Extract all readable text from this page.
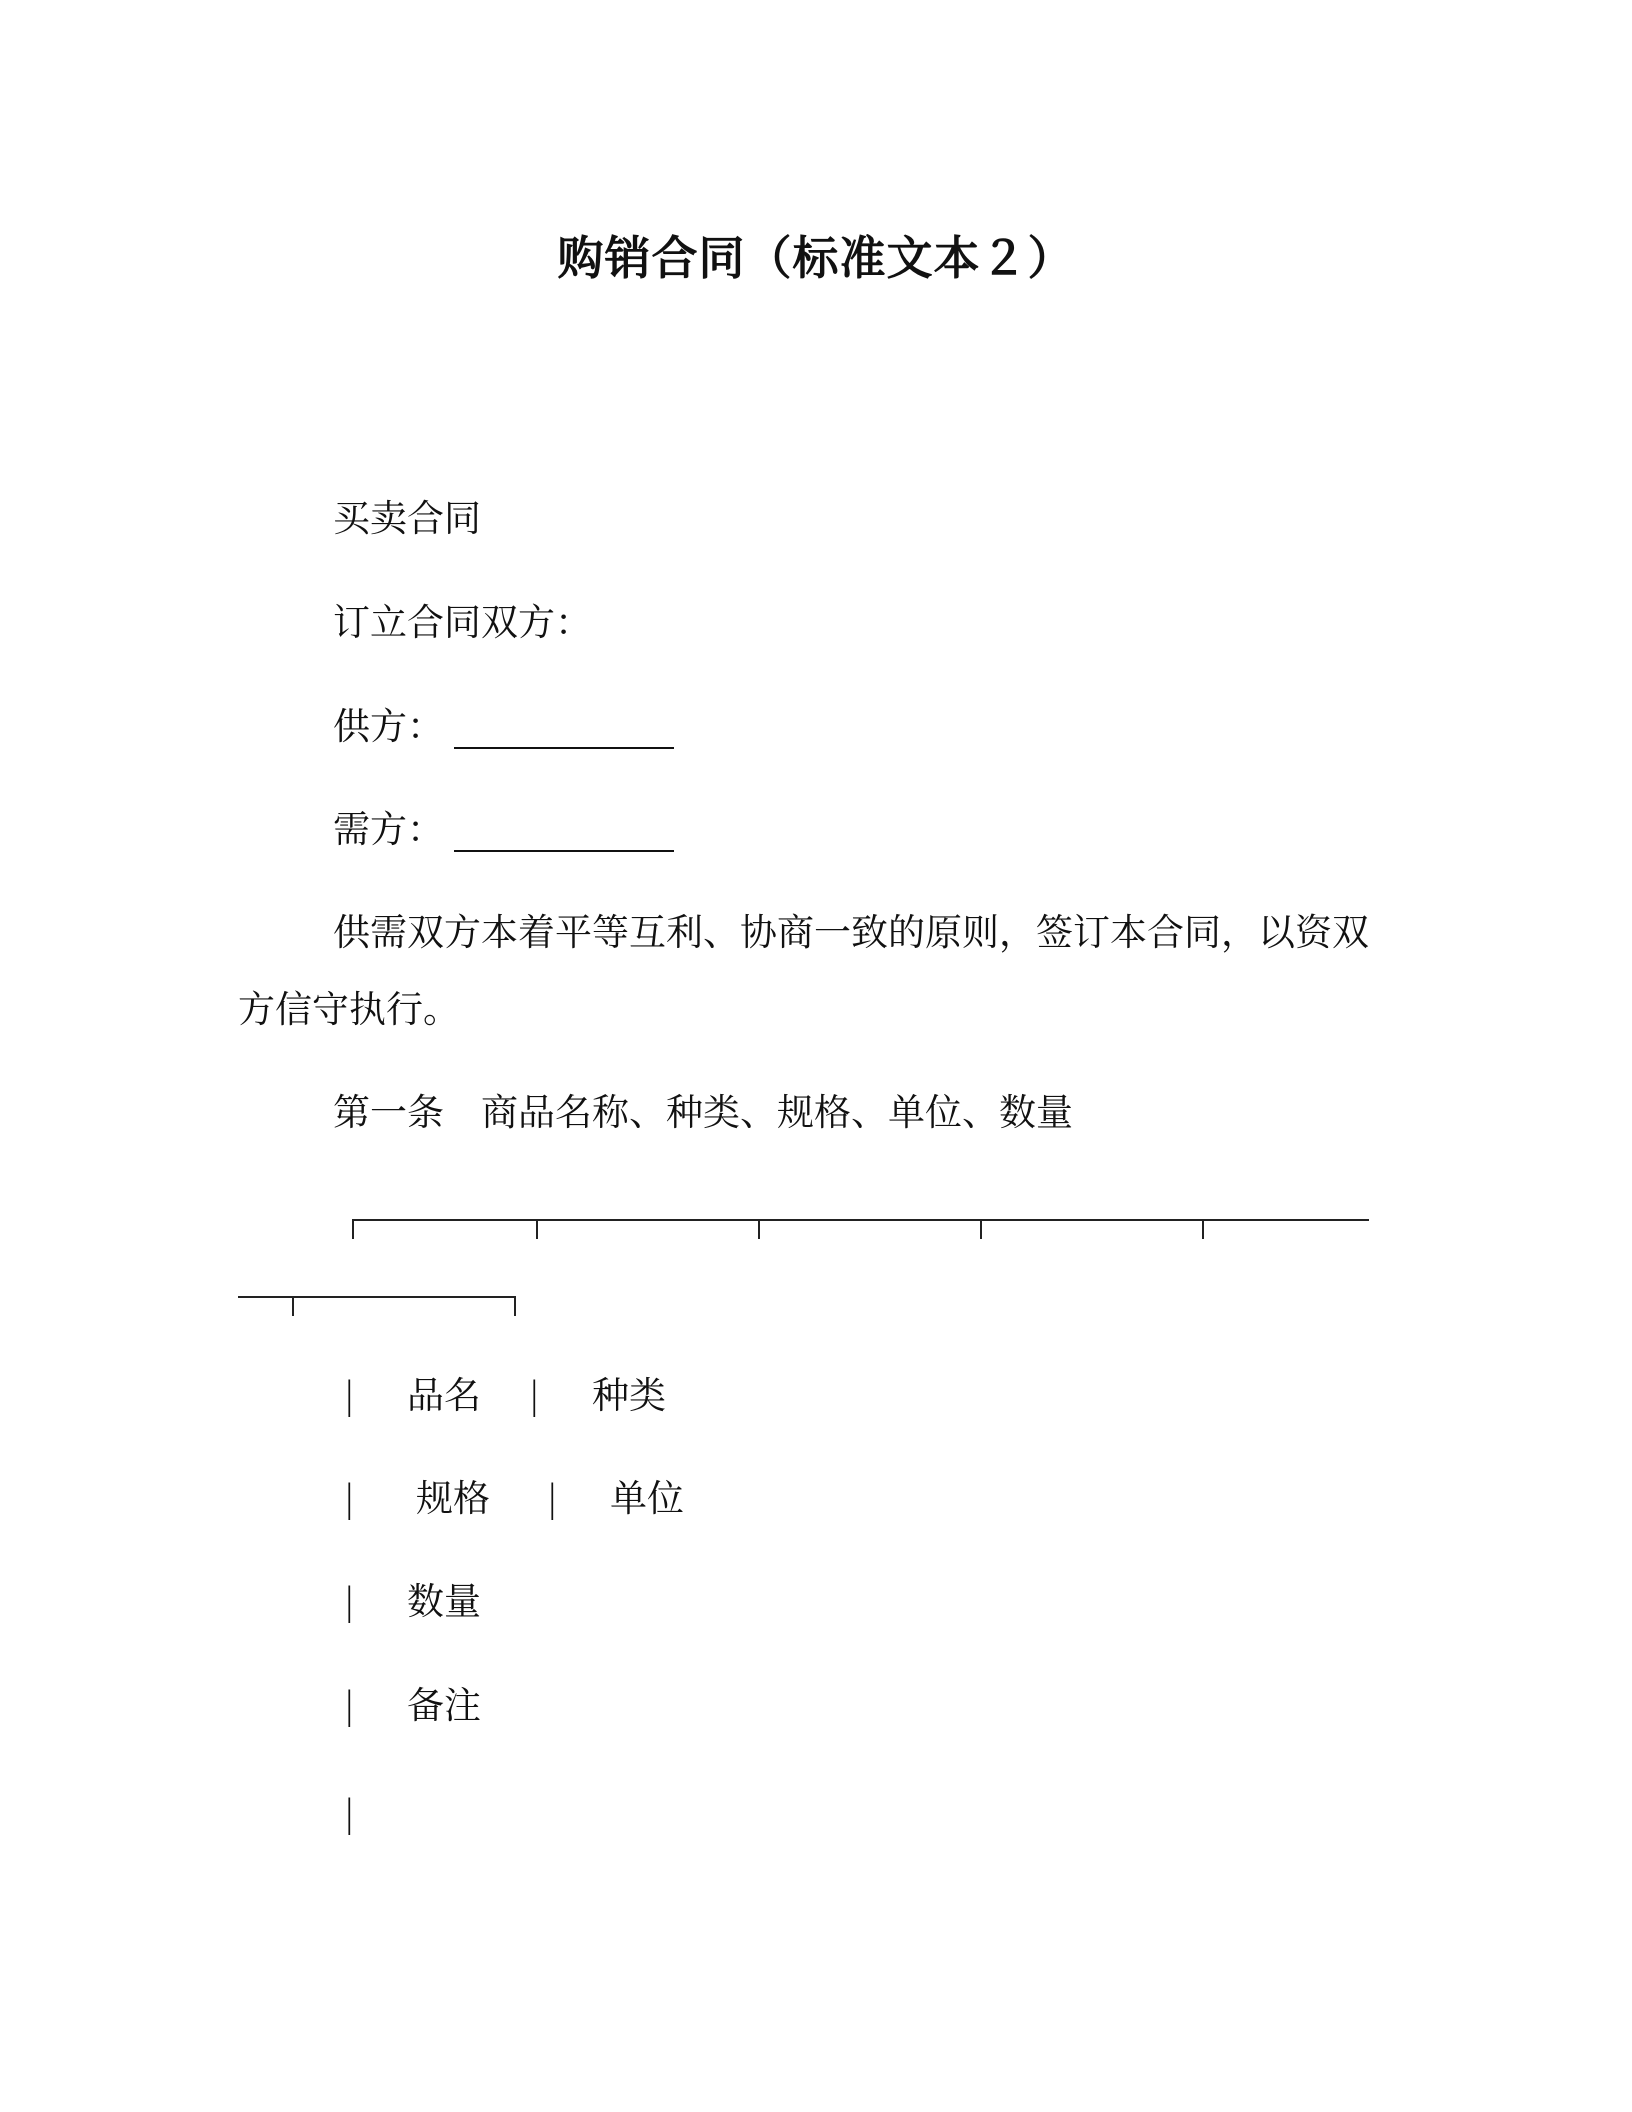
购销合同（标准文本２）
买卖合同
订立合同双方：
供方：
需方：
供需双方本着平等互利、协商一致的原则，签订本合同，以资双
方信守执行。
第一条　商品名称、种类、规格、单位、数量
| 品名 | 种类
| 规格 | 单位
| 数量
| 备注
|
